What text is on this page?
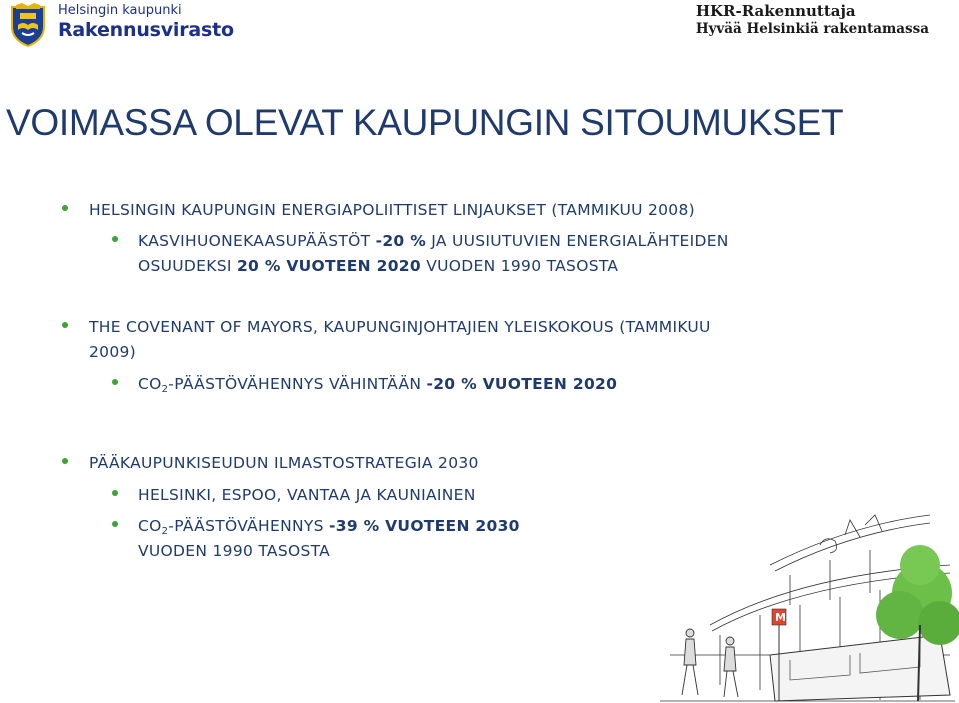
Helsingin kaupunki
Rakennusvirasto
HKR-Rakennuttaja
Hyvää Helsinkiä rakentamassa
VOIMASSA OLEVAT KAUPUNGIN SITOUMUKSET
HELSINGIN KAUPUNGIN ENERGIAPOLIITTISET LINJAUKSET (TAMMIKUU 2008)
KASVIHUONEKAASUPÄÄSTÖT -20 % JA UUSIUTUVIEN ENERGIALÄHTEIDEN
OSUUDEKSI 20 % VUOTEEN 2020 VUODEN 1990 TASOSTA
THE COVENANT OF MAYORS, KAUPUNGINJOHTAJIEN YLEISKOKOUS (TAMMIKUU
2009)
$CO_2$-PÄÄSTÖVÄHENNYS VÄHINTÄÄN -20 % VUOTEEN 2020
PÄÄKAUPUNKISEUDUN ILMASTOSTRATEGIA 2030
HELSINKI, ESPOO, VANTAA JA KAUNIAINEN
$CO_2$-PÄÄSTÖVÄHENNYS -39 % VUOTEEN 2030
VUODEN 1990 TASOSTA
M
